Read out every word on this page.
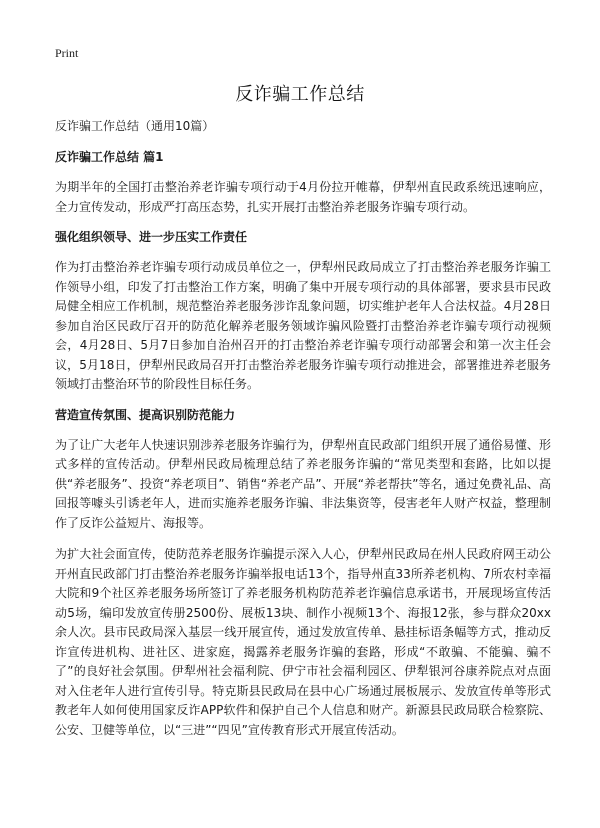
Print
反诈骗工作总结

反诈骗工作总结（通用10篇）

反诈骗工作总结 篇1

为期半年的全国打击整治养老诈骗专项行动于4月份拉开帷幕，伊犁州直民政系统迅速响应，全力宣传发动，形成严打高压态势，扎实开展打击整治养老服务诈骗专项行动。

强化组织领导、进一步压实工作责任

作为打击整治养老诈骗专项行动成员单位之一，伊犁州民政局成立了打击整治养老服务诈骗工作领导小组，印发了打击整治工作方案，明确了集中开展专项行动的具体部署，要求县市民政局健全相应工作机制，规范整治养老服务涉诈乱象问题，切实维护老年人合法权益。4月28日参加自治区民政厅召开的防范化解养老服务领域诈骗风险暨打击整治养老诈骗专项行动视频会，4月28日、5月7日参加自治州召开的打击整治养老诈骗专项行动部署会和第一次主任会议，5月18日，伊犁州民政局召开打击整治养老服务诈骗专项行动推进会，部署推进养老服务领域打击整治环节的阶段性目标任务。

营造宣传氛围、提高识别防范能力

为了让广大老年人快速识别涉养老服务诈骗行为，伊犁州直民政部门组织开展了通俗易懂、形式多样的宣传活动。伊犁州民政局梳理总结了养老服务诈骗的“常见类型和套路，比如以提供“养老服务”、投资“养老项目”、销售“养老产品”、开展“养老帮扶”等名，通过免费礼品、高回报等噱头引诱老年人，进而实施养老服务诈骗、非法集资等，侵害老年人财产权益，整理制作了反诈公益短片、海报等。

为扩大社会面宣传，使防范养老服务诈骗提示深入人心，伊犁州民政局在州人民政府网王动公开州直民政部门打击整治养老服务诈骗举报电话13个，指导州直33所养老机构、7所农村幸福大院和9个社区养老服务场所签订了养老服务机构防范养老诈骗信息承诺书，开展现场宣传活动5场，编印发放宣传册2500份、展板13块、制作小视频13个、海报12张，参与群众20xx余人次。县市民政局深入基层一线开展宣传，通过发放宣传单、悬挂标语条幅等方式，推动反诈宣传进机构、进社区、进家庭，揭露养老服务诈骗的套路，形成“不敢骗、不能骗、骗不了”的良好社会氛围。伊犁州社会福利院、伊宁市社会福利园区、伊犁银河谷康养院点对点面对入住老年人进行宣传引导。特克斯县民政局在县中心广场通过展板展示、发放宣传单等形式教老年人如何使用国家反诈APP软件和保护自己个人信息和财产。新源县民政局联合检察院、公安、卫健等单位，以“三进”“四见”宣传教育形式开展宣传活动。
